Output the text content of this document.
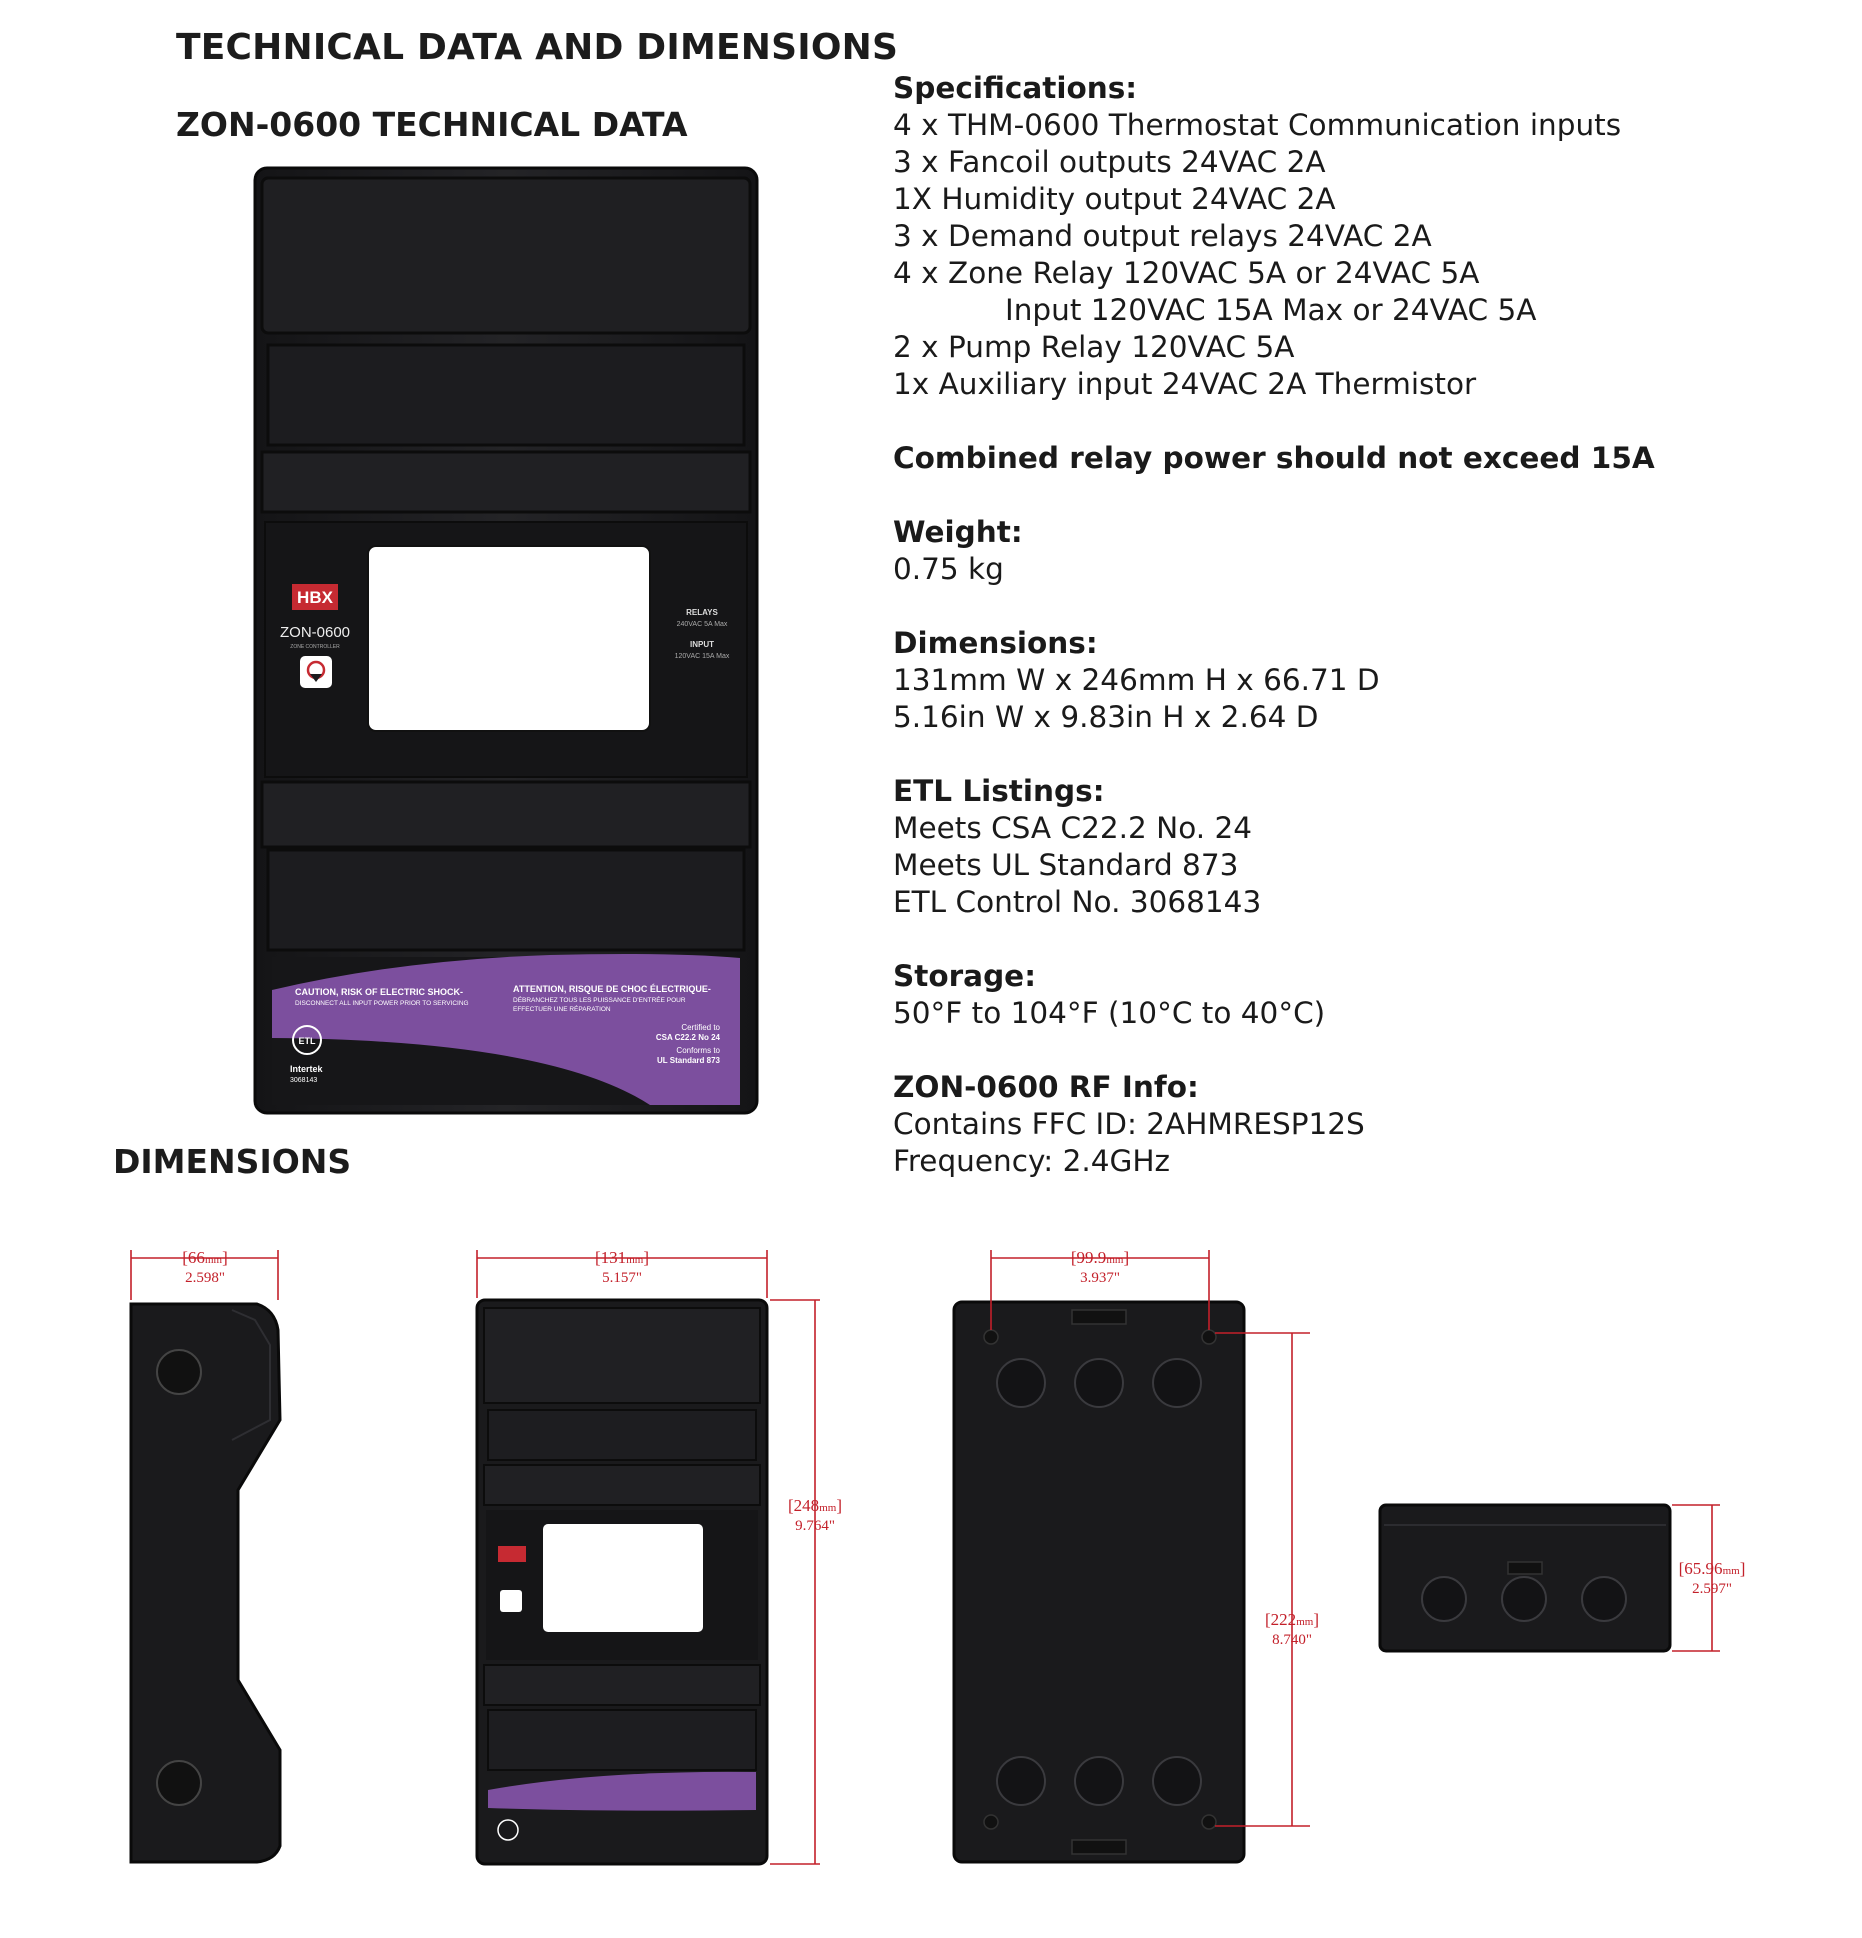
TECHNICAL DATA AND DIMENSIONS
ZON-0600 TECHNICAL DATA
DIMENSIONS
Specifications:
4 x THM-0600 Thermostat Communication inputs
3 x Fancoil outputs 24VAC 2A
1X Humidity output 24VAC 2A
3 x Demand output relays 24VAC 2A
4 x Zone Relay 120VAC 5A or 24VAC 5A
Input 120VAC 15A Max or 24VAC 5A
2 x Pump Relay 120VAC 5A
1x Auxiliary input 24VAC 2A Thermistor
Combined relay power should not exceed 15A
Weight:
0.75 kg
Dimensions:
131mm W x 246mm H x 66.71 D
5.16in W x 9.83in H x 2.64 D
ETL Listings:
Meets CSA C22.2 No. 24
Meets UL Standard 873
ETL Control No. 3068143
Storage:
50°F to 104°F (10°C to 40°C)
ZON-0600 RF Info:
Contains FFC ID: 2AHMRESP12S
Frequency: 2.4GHz
HBX
ZON-0600
ZONE CONTROLLER
RELAYS
240VAC 5A Max
INPUT
120VAC 15A Max
CAUTION, RISK OF ELECTRIC SHOCK-
DISCONNECT ALL INPUT POWER PRIOR TO SERVICING
ATTENTION, RISQUE DE CHOC ÉLECTRIQUE-
DÉBRANCHEZ TOUS LES PUISSANCE D'ENTRÉE POUR
EFFECTUER UNE RÉPARATION
ETL
Intertek
3068143
Certified to
CSA C22.2 No 24
Conforms to
UL Standard 873
[66mm]
2.598"
[131mm]
5.157"
[248mm]
9.764"
[99.9mm]
3.937"
[222mm]
8.740"
[65.96mm]
2.597"
